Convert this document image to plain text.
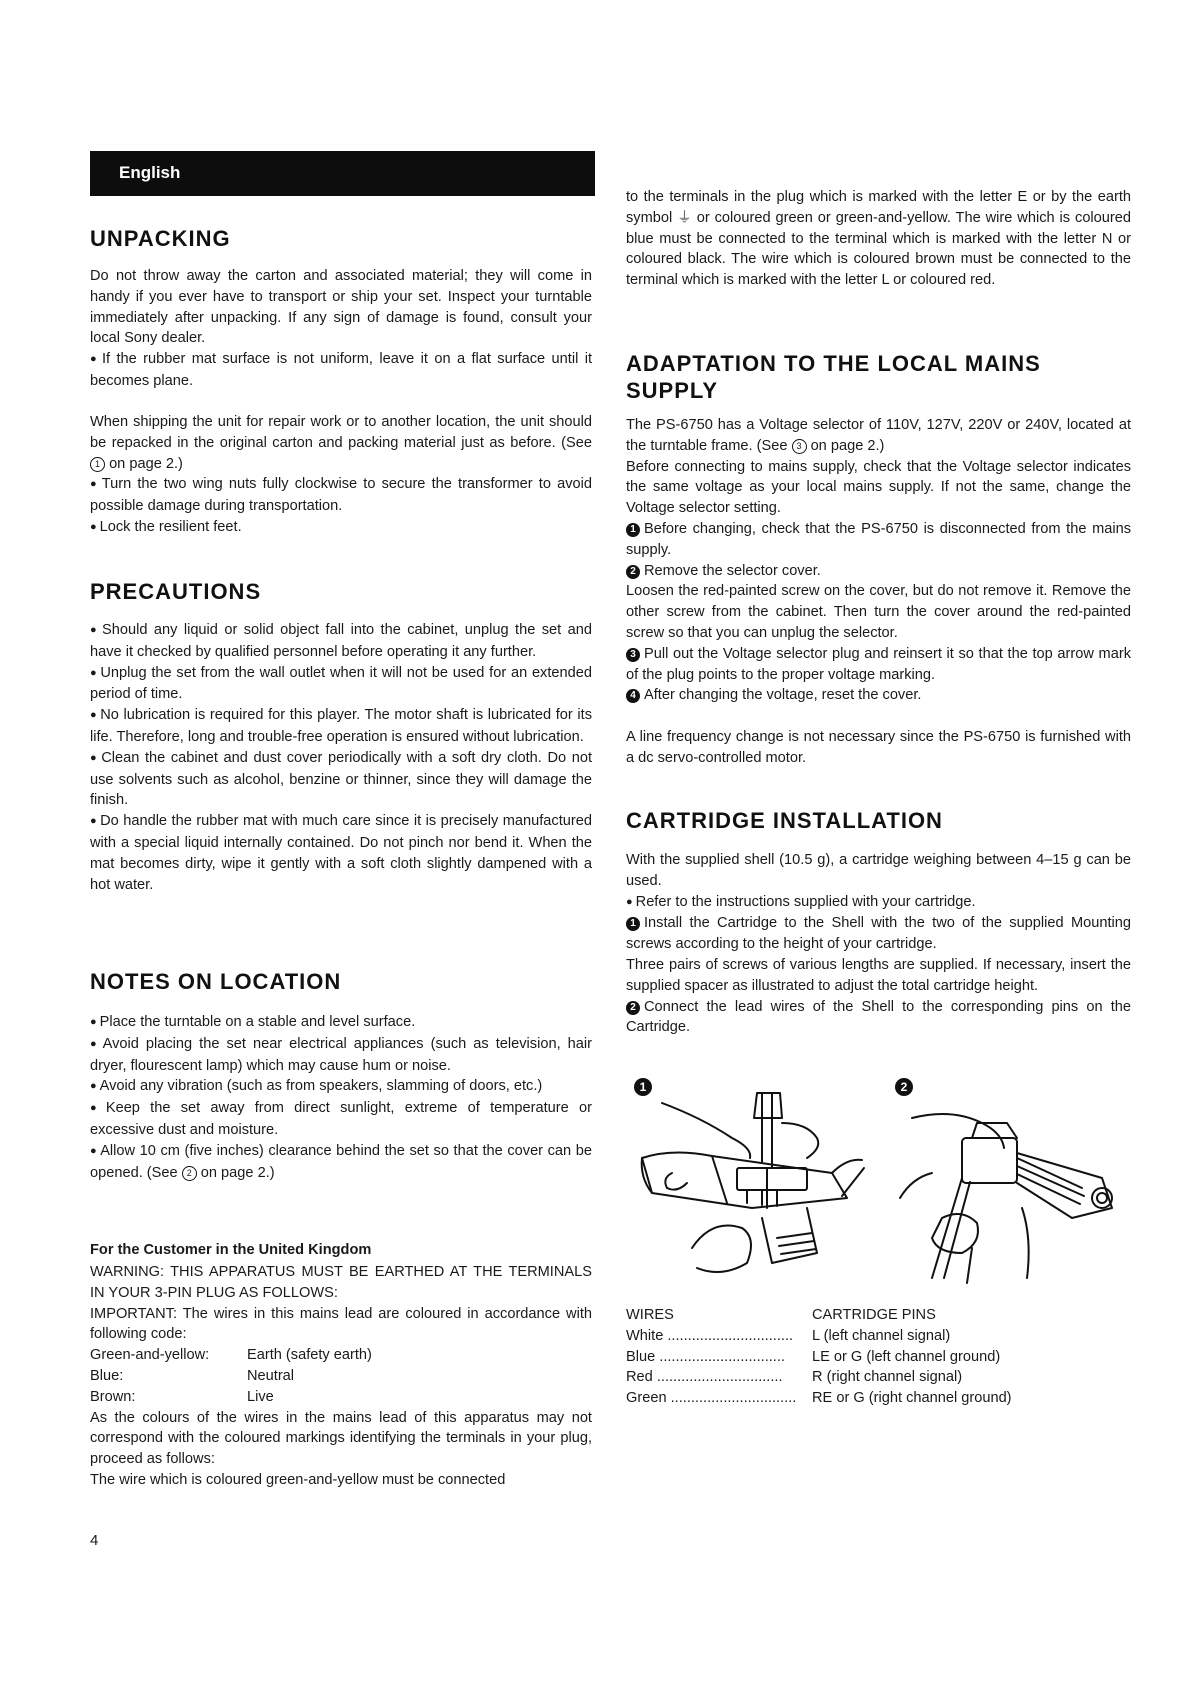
English
UNPACKING
Do not throw away the carton and associated material; they will come in handy if you ever have to transport or ship your set. Inspect your turntable immediately after unpacking. If any sign of damage is found, consult your local Sony dealer.
● If the rubber mat surface is not uniform, leave it on a flat surface until it becomes plane.
When shipping the unit for repair work or to another location, the unit should be repacked in the original carton and packing material just as before. (See 1 on page 2.)
● Turn the two wing nuts fully clockwise to secure the transformer to avoid possible damage during transportation.
● Lock the resilient feet.
PRECAUTIONS
● Should any liquid or solid object fall into the cabinet, unplug the set and have it checked by qualified personnel before operating it any further.
● Unplug the set from the wall outlet when it will not be used for an extended period of time.
● No lubrication is required for this player. The motor shaft is lubricated for its life. Therefore, long and trouble-free operation is ensured without lubrication.
● Clean the cabinet and dust cover periodically with a soft dry cloth. Do not use solvents such as alcohol, benzine or thinner, since they will damage the finish.
● Do handle the rubber mat with much care since it is precisely manufactured with a special liquid internally contained. Do not pinch nor bend it. When the mat becomes dirty, wipe it gently with a soft cloth slightly dampened with a hot water.
NOTES ON LOCATION
● Place the turntable on a stable and level surface.
● Avoid placing the set near electrical appliances (such as television, hair dryer, flourescent lamp) which may cause hum or noise.
● Avoid any vibration (such as from speakers, slamming of doors, etc.)
● Keep the set away from direct sunlight, extreme of temperature or excessive dust and moisture.
● Allow 10 cm (five inches) clearance behind the set so that the cover can be opened. (See 2 on page 2.)
For the Customer in the United Kingdom
WARNING: THIS APPARATUS MUST BE EARTHED AT THE TERMINALS IN YOUR 3-PIN PLUG AS FOLLOWS:
IMPORTANT: The wires in this mains lead are coloured in accordance with following code:
Green-and-yellow:	Earth (safety earth)
Blue:	Neutral
Brown:	Live
As the colours of the wires in the mains lead of this apparatus may not correspond with the coloured markings identifying the terminals in your plug, proceed as follows:
The wire which is coloured green-and-yellow must be connected
4
to the terminals in the plug which is marked with the letter E or by the earth symbol ⏚ or coloured green or green-and-yellow. The wire which is coloured blue must be connected to the terminal which is marked with the letter N or coloured black. The wire which is coloured brown must be connected to the terminal which is marked with the letter L or coloured red.
ADAPTATION TO THE LOCAL MAINS SUPPLY
The PS-6750 has a Voltage selector of 110V, 127V, 220V or 240V, located at the turntable frame. (See 3 on page 2.)
Before connecting to mains supply, check that the Voltage selector indicates the same voltage as your local mains supply. If not the same, change the Voltage selector setting.
1 Before changing, check that the PS-6750 is disconnected from the mains supply.
2 Remove the selector cover.
Loosen the red-painted screw on the cover, but do not remove it. Remove the other screw from the cabinet. Then turn the cover around the red-painted screw so that you can unplug the selector.
3 Pull out the Voltage selector plug and reinsert it so that the top arrow mark of the plug points to the proper voltage marking.
4 After changing the voltage, reset the cover.
A line frequency change is not necessary since the PS-6750 is furnished with a dc servo-controlled motor.
CARTRIDGE INSTALLATION
With the supplied shell (10.5 g), a cartridge weighing between 4–15 g can be used.
● Refer to the instructions supplied with your cartridge.
1 Install the Cartridge to the Shell with the two of the supplied Mounting screws according to the height of your cartridge.
Three pairs of screws of various lengths are supplied. If necessary, insert the supplied spacer as illustrated to adjust the total cartridge height.
2 Connect the lead wires of the Shell to the corresponding pins on the Cartridge.
1	2
WIRES	CARTRIDGE PINS
White ...............................	L (left channel signal)
Blue ...............................	LE or G (left channel ground)
Red ...............................	R (right channel signal)
Green ...............................	RE or G (right channel ground)
